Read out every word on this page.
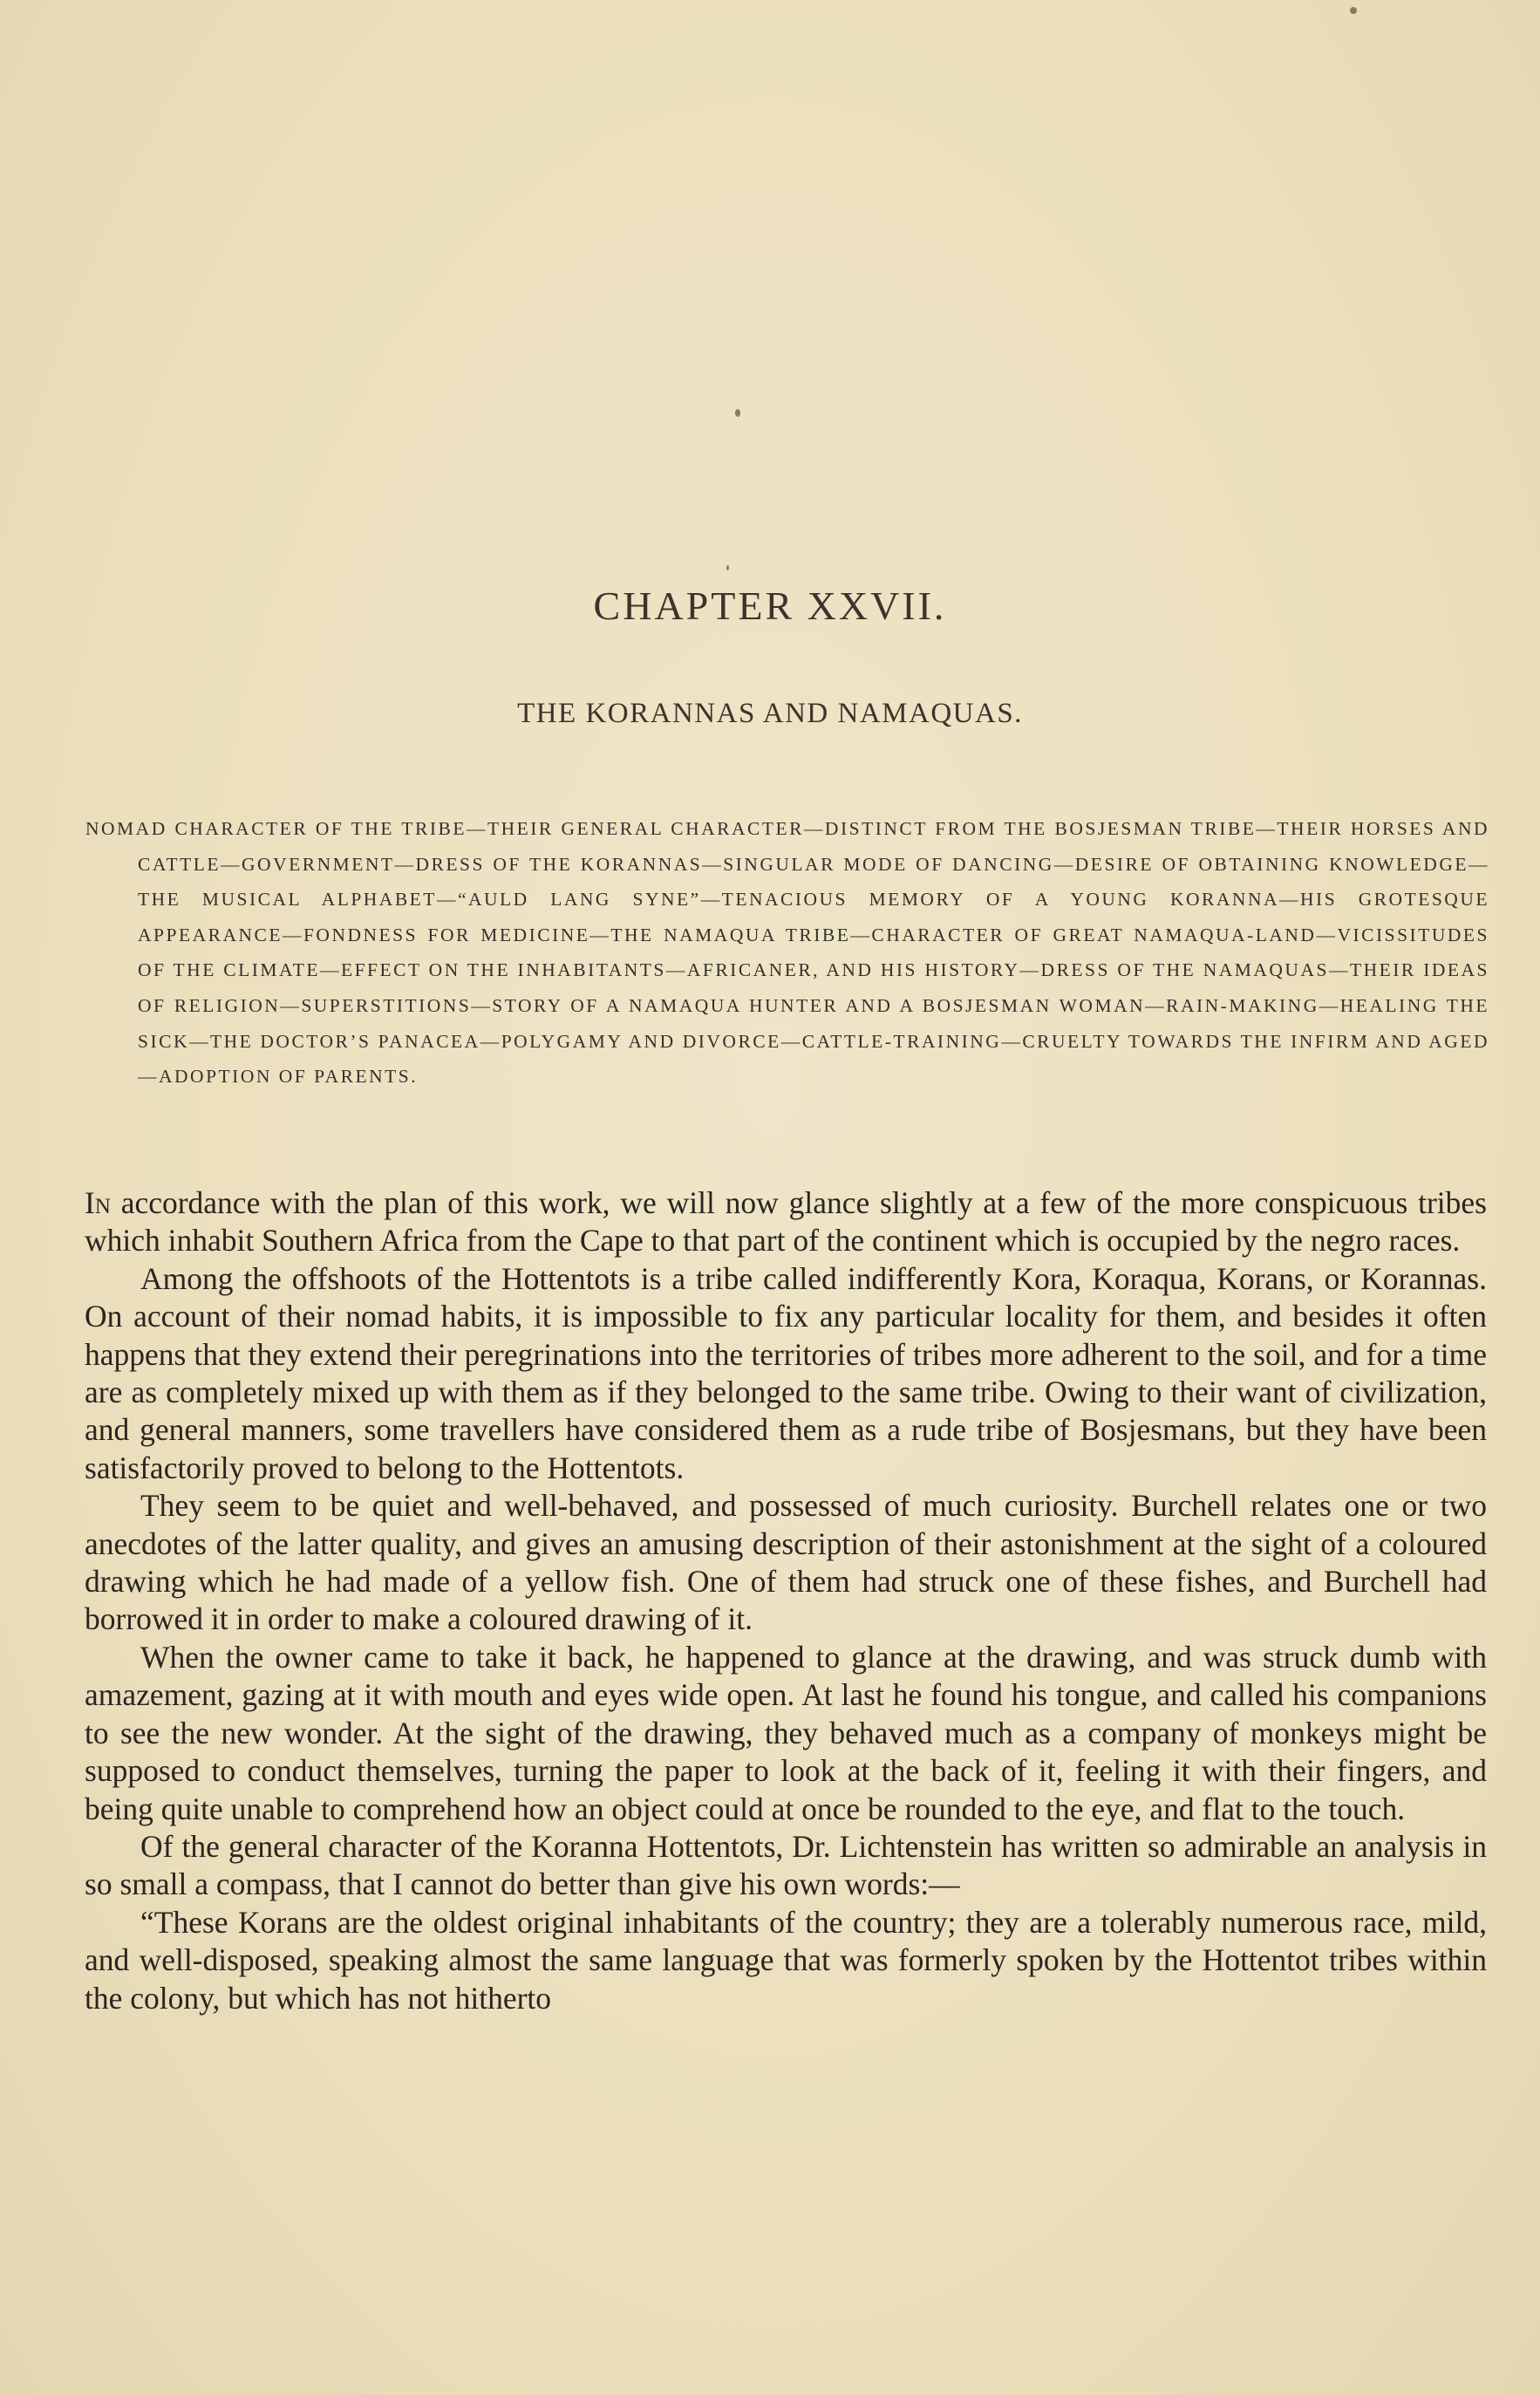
CHAPTER XXVII.
THE KORANNAS AND NAMAQUAS.

NOMAD CHARACTER OF THE TRIBE—THEIR GENERAL CHARACTER—DISTINCT FROM THE BOSJESMAN TRIBE—THEIR HORSES AND CATTLE—GOVERNMENT—DRESS OF THE KORANNAS—SINGULAR MODE OF DANCING—DESIRE OF OBTAINING KNOWLEDGE—THE MUSICAL ALPHABET—“AULD LANG SYNE”—TENACIOUS MEMORY OF A YOUNG KORANNA—HIS GROTESQUE APPEARANCE—FONDNESS FOR MEDICINE—THE NAMAQUA TRIBE—CHARACTER OF GREAT NAMAQUA-LAND—VICISSITUDES OF THE CLIMATE—EFFECT ON THE INHABITANTS—AFRICANER, AND HIS HISTORY—DRESS OF THE NAMAQUAS—THEIR IDEAS OF RELIGION—SUPERSTITIONS—STORY OF A NAMAQUA HUNTER AND A BOSJESMAN WOMAN—RAIN-MAKING—HEALING THE SICK—THE DOCTOR’S PANACEA—POLYGAMY AND DIVORCE—CATTLE-TRAINING—CRUELTY TOWARDS THE INFIRM AND AGED—ADOPTION OF PARENTS.

In accordance with the plan of this work, we will now glance slightly at a few of the more conspicuous tribes which inhabit Southern Africa from the Cape to that part of the continent which is occupied by the negro races.

Among the offshoots of the Hottentots is a tribe called indifferently Kora, Koraqua, Korans, or Korannas. On account of their nomad habits, it is impossible to fix any particular locality for them, and besides it often happens that they extend their peregrinations into the territories of tribes more adherent to the soil, and for a time are as completely mixed up with them as if they belonged to the same tribe. Owing to their want of civilization, and general manners, some travellers have considered them as a rude tribe of Bosjesmans, but they have been satisfactorily proved to belong to the Hottentots.

They seem to be quiet and well-behaved, and possessed of much curiosity. Burchell relates one or two anecdotes of the latter quality, and gives an amusing description of their astonishment at the sight of a coloured drawing which he had made of a yellow fish. One of them had struck one of these fishes, and Burchell had borrowed it in order to make a coloured drawing of it.

When the owner came to take it back, he happened to glance at the drawing, and was struck dumb with amazement, gazing at it with mouth and eyes wide open. At last he found his tongue, and called his companions to see the new wonder. At the sight of the drawing, they behaved much as a company of monkeys might be supposed to conduct themselves, turning the paper to look at the back of it, feeling it with their fingers, and being quite unable to comprehend how an object could at once be rounded to the eye, and flat to the touch.

Of the general character of the Koranna Hottentots, Dr. Lichtenstein has written so admirable an analysis in so small a compass, that I cannot do better than give his own words:—

“These Korans are the oldest original inhabitants of the country; they are a tolerably numerous race, mild, and well-disposed, speaking almost the same language that was formerly spoken by the Hottentot tribes within the colony, but which has not hitherto
